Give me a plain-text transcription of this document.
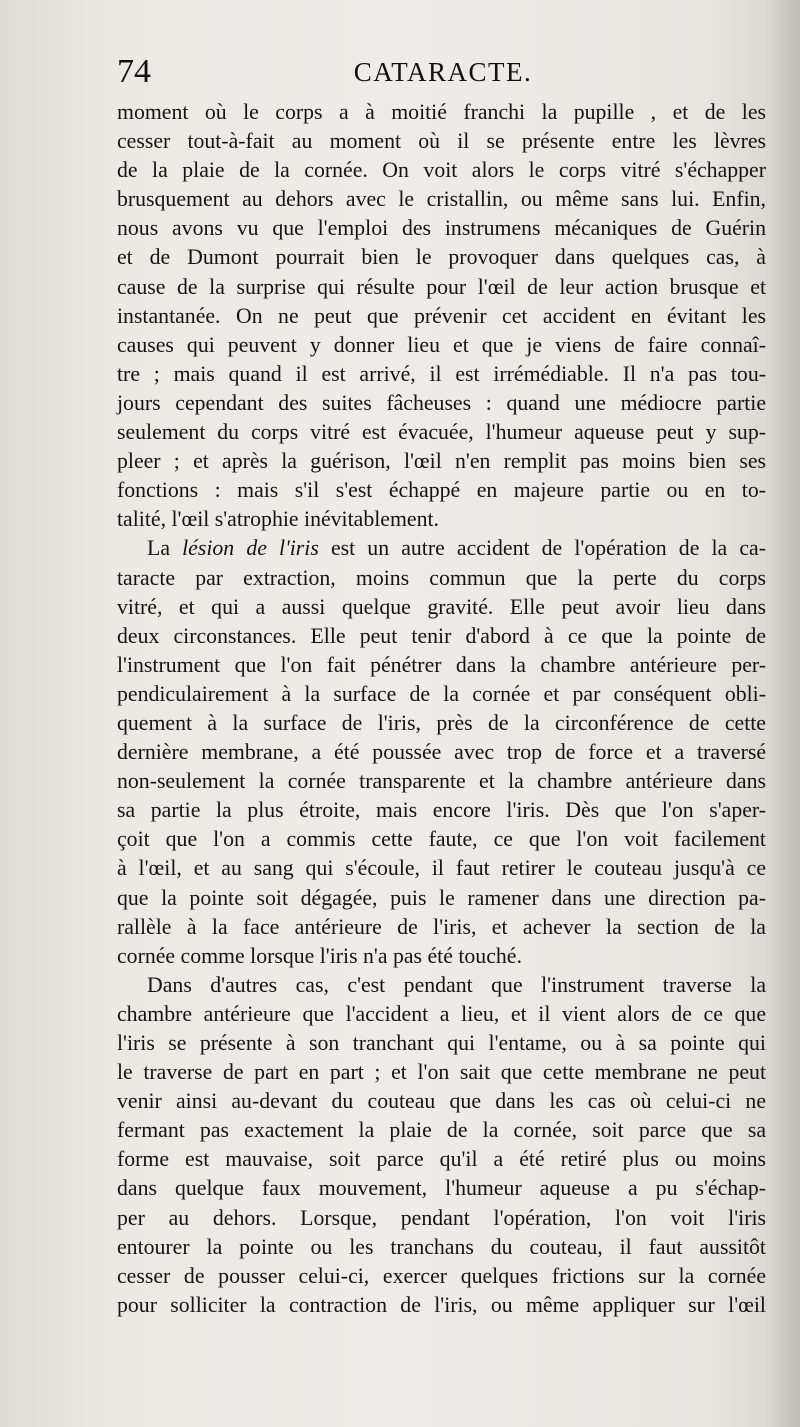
74	CATARACTE.
moment où le corps a à moitié franchi la pupille , et de les
cesser tout-à-fait au moment où il se présente entre les lèvres
de la plaie de la cornée. On voit alors le corps vitré s'échapper
brusquement au dehors avec le cristallin, ou même sans lui. Enfin,
nous avons vu que l'emploi des instrumens mécaniques de Guérin
et de Dumont pourrait bien le provoquer dans quelques cas, à
cause de la surprise qui résulte pour l'œil de leur action brusque et
instantanée. On ne peut que prévenir cet accident en évitant les
causes qui peuvent y donner lieu et que je viens de faire connaî-
tre ; mais quand il est arrivé, il est irrémédiable. Il n'a pas tou-
jours cependant des suites fâcheuses : quand une médiocre partie
seulement du corps vitré est évacuée, l'humeur aqueuse peut y sup-
pleer ; et après la guérison, l'œil n'en remplit pas moins bien ses
fonctions : mais s'il s'est échappé en majeure partie ou en to-
talité, l'œil s'atrophie inévitablement.
La lésion de l'iris est un autre accident de l'opération de la ca-
taracte par extraction, moins commun que la perte du corps
vitré, et qui a aussi quelque gravité. Elle peut avoir lieu dans
deux circonstances. Elle peut tenir d'abord à ce que la pointe de
l'instrument que l'on fait pénétrer dans la chambre antérieure per-
pendiculairement à la surface de la cornée et par conséquent obli-
quement à la surface de l'iris, près de la circonférence de cette
dernière membrane, a été poussée avec trop de force et a traversé
non-seulement la cornée transparente et la chambre antérieure dans
sa partie la plus étroite, mais encore l'iris. Dès que l'on s'aper-
çoit que l'on a commis cette faute, ce que l'on voit facilement
à l'œil, et au sang qui s'écoule, il faut retirer le couteau jusqu'à ce
que la pointe soit dégagée, puis le ramener dans une direction pa-
rallèle à la face antérieure de l'iris, et achever la section de la
cornée comme lorsque l'iris n'a pas été touché.
Dans d'autres cas, c'est pendant que l'instrument traverse la
chambre antérieure que l'accident a lieu, et il vient alors de ce que
l'iris se présente à son tranchant qui l'entame, ou à sa pointe qui
le traverse de part en part ; et l'on sait que cette membrane ne peut
venir ainsi au-devant du couteau que dans les cas où celui-ci ne
fermant pas exactement la plaie de la cornée, soit parce que sa
forme est mauvaise, soit parce qu'il a été retiré plus ou moins
dans quelque faux mouvement, l'humeur aqueuse a pu s'échap-
per au dehors. Lorsque, pendant l'opération, l'on voit l'iris
entourer la pointe ou les tranchans du couteau, il faut aussitôt
cesser de pousser celui-ci, exercer quelques frictions sur la cornée
pour solliciter la contraction de l'iris, ou même appliquer sur l'œil
